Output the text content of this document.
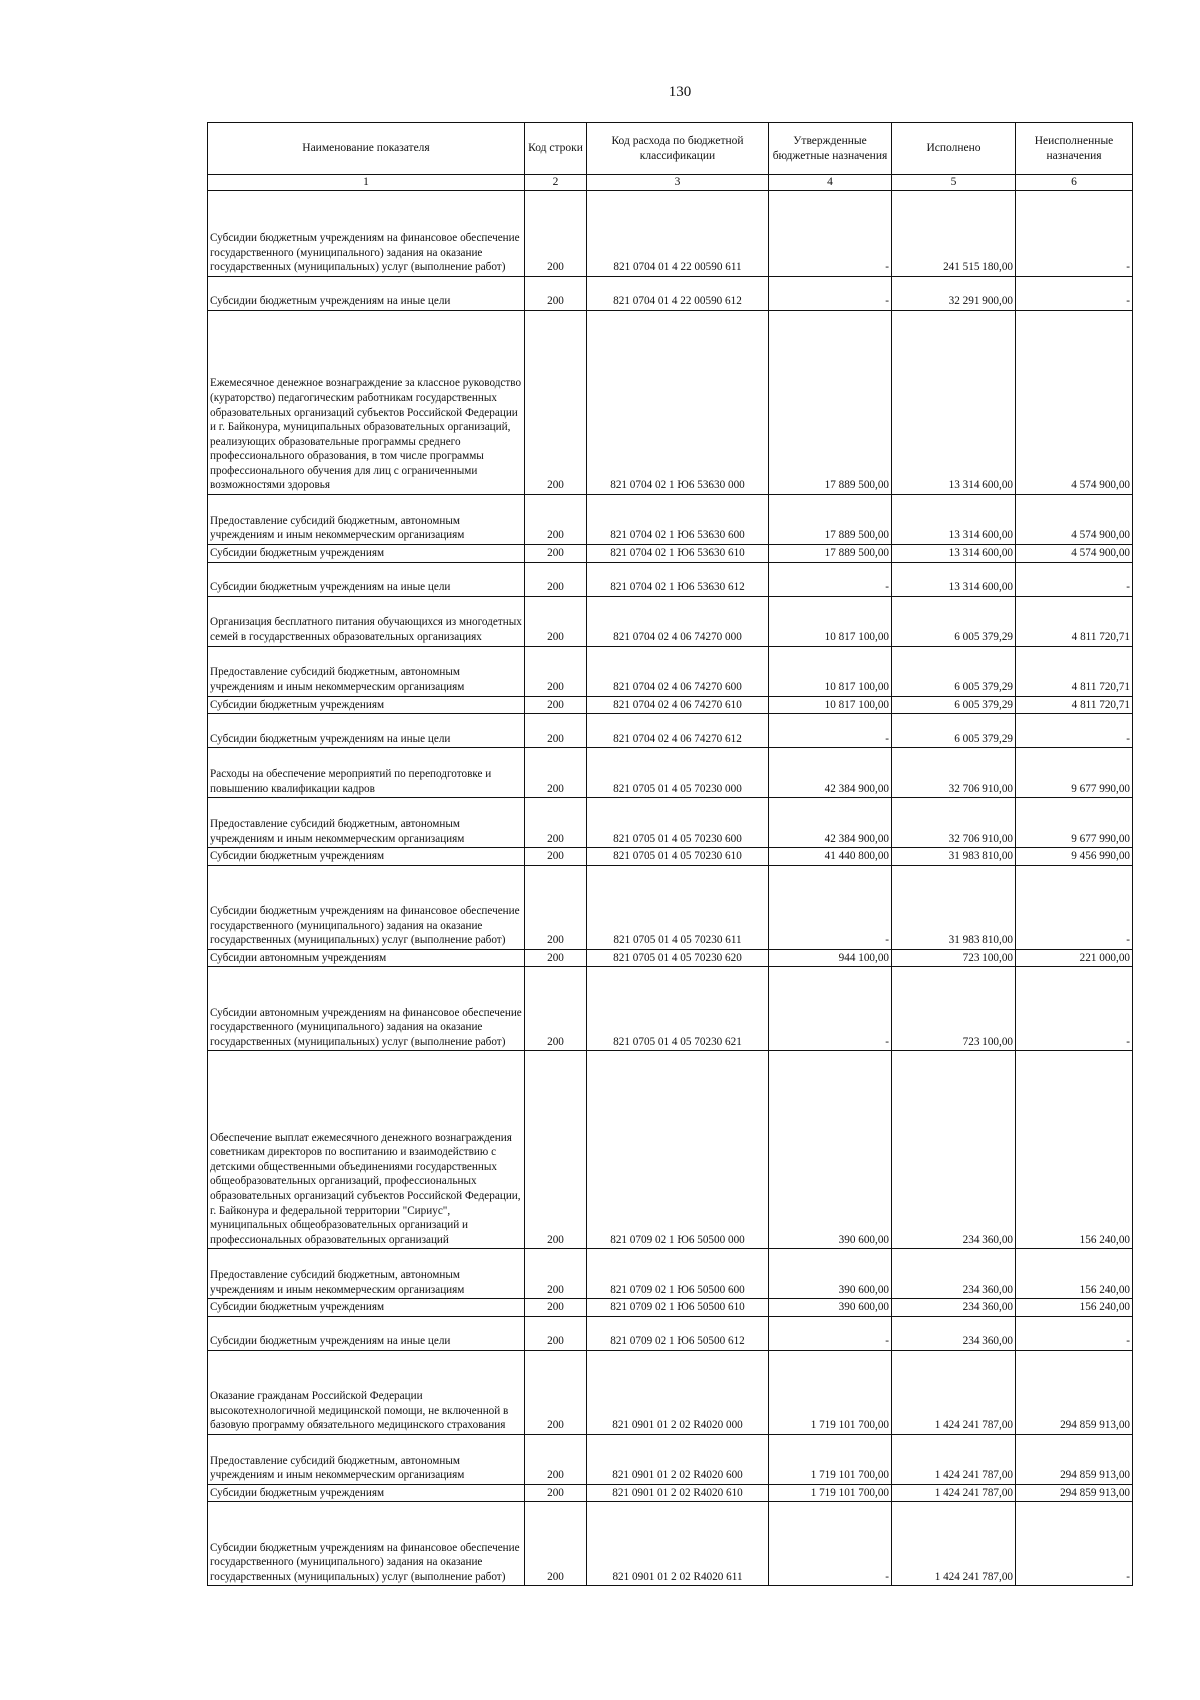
130
Наименование показателя	Код строки	Код расхода по бюджетной классификации	Утвержденные бюджетные назначения	Исполнено	Неисполненные назначения
1	2	3	4	5	6
Субсидии бюджетным учреждениям на финансовое обеспечение государственного (муниципального) задания на оказание государственных (муниципальных) услуг (выполнение работ)	200	821 0704 01 4 22 00590 611	-	241 515 180,00	-
Субсидии бюджетным учреждениям на иные цели	200	821 0704 01 4 22 00590 612	-	32 291 900,00	-
Ежемесячное денежное вознаграждение за классное руководство (кураторство) педагогическим работникам государственных образовательных организаций субъектов Российской Федерации и г. Байконура, муниципальных образовательных организаций, реализующих образовательные программы среднего профессионального образования, в том числе программы профессионального обучения для лиц с ограниченными возможностями здоровья	200	821 0704 02 1 Ю6 53630 000	17 889 500,00	13 314 600,00	4 574 900,00
Предоставление субсидий бюджетным, автономным учреждениям и иным некоммерческим организациям	200	821 0704 02 1 Ю6 53630 600	17 889 500,00	13 314 600,00	4 574 900,00
Субсидии бюджетным учреждениям	200	821 0704 02 1 Ю6 53630 610	17 889 500,00	13 314 600,00	4 574 900,00
Субсидии бюджетным учреждениям на иные цели	200	821 0704 02 1 Ю6 53630 612	-	13 314 600,00	-
Организация бесплатного питания обучающихся из многодетных семей в государственных образовательных организациях	200	821 0704 02 4 06 74270 000	10 817 100,00	6 005 379,29	4 811 720,71
Предоставление субсидий бюджетным, автономным учреждениям и иным некоммерческим организациям	200	821 0704 02 4 06 74270 600	10 817 100,00	6 005 379,29	4 811 720,71
Субсидии бюджетным учреждениям	200	821 0704 02 4 06 74270 610	10 817 100,00	6 005 379,29	4 811 720,71
Субсидии бюджетным учреждениям на иные цели	200	821 0704 02 4 06 74270 612	-	6 005 379,29	-
Расходы на обеспечение мероприятий по переподготовке и повышению квалификации кадров	200	821 0705 01 4 05 70230 000	42 384 900,00	32 706 910,00	9 677 990,00
Предоставление субсидий бюджетным, автономным учреждениям и иным некоммерческим организациям	200	821 0705 01 4 05 70230 600	42 384 900,00	32 706 910,00	9 677 990,00
Субсидии бюджетным учреждениям	200	821 0705 01 4 05 70230 610	41 440 800,00	31 983 810,00	9 456 990,00
Субсидии бюджетным учреждениям на финансовое обеспечение государственного (муниципального) задания на оказание государственных (муниципальных) услуг (выполнение работ)	200	821 0705 01 4 05 70230 611	-	31 983 810,00	-
Субсидии автономным учреждениям	200	821 0705 01 4 05 70230 620	944 100,00	723 100,00	221 000,00
Субсидии автономным учреждениям на финансовое обеспечение государственного (муниципального) задания на оказание государственных (муниципальных) услуг (выполнение работ)	200	821 0705 01 4 05 70230 621	-	723 100,00	-
Обеспечение выплат ежемесячного денежного вознаграждения советникам директоров по воспитанию и взаимодействию с детскими общественными объединениями государственных общеобразовательных организаций, профессиональных образовательных организаций субъектов Российской Федерации, г. Байконура и федеральной территории "Сириус", муниципальных общеобразовательных организаций и профессиональных образовательных организаций	200	821 0709 02 1 Ю6 50500 000	390 600,00	234 360,00	156 240,00
Предоставление субсидий бюджетным, автономным учреждениям и иным некоммерческим организациям	200	821 0709 02 1 Ю6 50500 600	390 600,00	234 360,00	156 240,00
Субсидии бюджетным учреждениям	200	821 0709 02 1 Ю6 50500 610	390 600,00	234 360,00	156 240,00
Субсидии бюджетным учреждениям на иные цели	200	821 0709 02 1 Ю6 50500 612	-	234 360,00	-
Оказание гражданам Российской Федерации высокотехнологичной медицинской помощи, не включенной в базовую программу обязательного медицинского страхования	200	821 0901 01 2 02 R4020 000	1 719 101 700,00	1 424 241 787,00	294 859 913,00
Предоставление субсидий бюджетным, автономным учреждениям и иным некоммерческим организациям	200	821 0901 01 2 02 R4020 600	1 719 101 700,00	1 424 241 787,00	294 859 913,00
Субсидии бюджетным учреждениям	200	821 0901 01 2 02 R4020 610	1 719 101 700,00	1 424 241 787,00	294 859 913,00
Субсидии бюджетным учреждениям на финансовое обеспечение государственного (муниципального) задания на оказание государственных (муниципальных) услуг (выполнение работ)	200	821 0901 01 2 02 R4020 611	-	1 424 241 787,00	-
